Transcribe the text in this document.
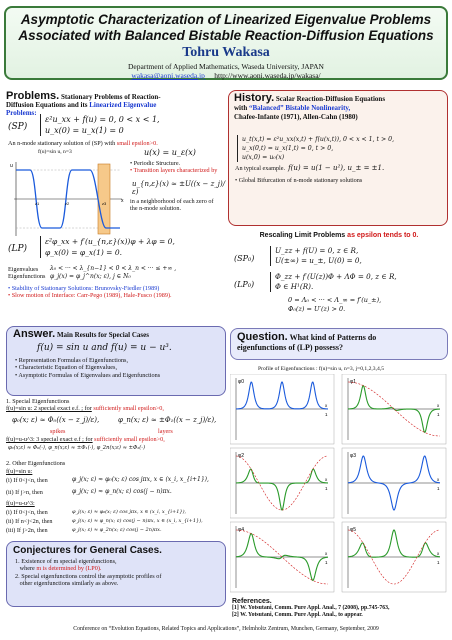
Asymptotic Characterization of Linearized Eigenvalue Problems
Associated with Balanced Bistable Reaction-Diffusion Equations
Tohru Wakasa
Department of Applied Mathematics, Waseda University, JAPAN
wakasa@aoni.waseda.jp http://www.aoni.waseda.jp/wakasa/
Problems. Stationary Problems of Reaction-
Diffusion Equations and its Linearized Eigenvalue
Problems:
(SP)
ε²u_xx + f(u) = 0, 0 < x < 1,
u_x(0) = u_x(1) = 0
An n-mode stationary solution of (SP) with small epsilon>0.
f(u)=sin u, n=3	u(x) = u_ε(x)
u
x
z1	z2	z3
• Periodic Structure.
• Transition layers characterized by
u_{n,ε}(x) ≈ ±U((x − z_j)/ε)
in a neighborhood of each zero of
the n-mode solution.
(LP)
ε²φ_xx + f′(u_{n,ε}(x))φ + λφ = 0,
φ_x(0) = φ_x(1) = 0.
Eigenvalues
Eigenfunctions
λ₀ < ··· < λ_{n−1} < 0 < λ_n < ··· ≤ +∞ ,
φ_j(x) = φ_j^n(x; ε), j ∈ N₀
• Stability of Stationary Solutions: Brunovsky-Fiedler (1989)
• Slow motion of Interface: Carr-Pego (1989), Hale-Fusco (1989).
History. Scalar Reaction-Diffusion Equations
with “Balanced” Bistable Nonlinearity,
Chafee-Infante (1971), Allen-Cahn (1980)
u_t(x,t) = ε²u_xx(x,t) + f(u(x,t)), 0 < x < 1, t > 0,
u_x(0,t) = u_x(1,t) = 0, t > 0,
u(x,0) = u₀(x)
An typical example. f(u) = u(1 − u²), u_± = ±1.
• Global Bifurcation of n-mode stationary solutions
Rescaling Limit Problems as epsilon tends to 0.
(SP₀)
U_zz + f(U) = 0, z ∈ R,
U(±∞) = u_±, U(0) = 0,
(LP₀)
Φ_zz + f′(U(z))Φ + ΛΦ = 0, z ∈ R,
Φ ∈ H¹(R).
0 = Λ₀ < ··· < Λ_∞ = f′(u_±),
Φ₀(z) = U′(z) > 0.
Question. What kind of Patterns do
eigenfunctions of (LP) possess?
Profile of Eigenfunctions : f(u)=sin u, n=3, j=0,1,2,3,4,5
φ0
x
1
φ1
x
1
φ2
x
1
φ3
x
1
φ4
x
1
φ5
x
1
Answer. Main Results for Special Cases
f(u) = sin u and f(u) = u − u³.
• Representation Formulas of Eigenfunctions,
• Characteristic Equation of Eigenvalues,
• Asymptotic Formulas of Eigenvalues and Eigenfunctions
1. Special Eigenfunctions
f(u)=sin u: 2 special exact e.f. ; for sufficiently small epsilon>0,
φ₀(x; ε) ≈ Φ₀((x − z_j)/ε),	φ_n(x; ε) ≈ ±Φ₁((x − z_j)/ε),
spikes	layers
f(u)=u-u^3: 3 special exact e.f ; for sufficiently small epsilon>0,
φ₀(x;ε) ≈ Φ₀(·), φ_n(x;ε) ≈ ±Φ₁(·), φ_2n(x;ε) ≈ ±Φ₂(·)
2. Other Eigenfunctions
f(u)=sin u:
(i) If 0<j<n, then	φ_j(x; ε) ≈ φ₀(x; ε) cos jπx, x ∈ (x_i, x_{i+1}),
(ii) If j>n, then	φ_j(x; ε) ≈ φ_n(x; ε) cos(j − n)πx.
f(u)=u-u^3:
(i) If 0<j<n, then	φ_j(x; ε) ≈ φ₀(x; ε) cos jπx, x ∈ (x_i, x_{i+1}),
(ii) If n<j<2n, then	φ_j(x; ε) ≈ φ_n(x; ε) cos(j − n)πx, x ∈ (x_i, x_{i+1}),
(iii) If j>2n, then	φ_j(x; ε) ≈ φ_2n(x; ε) cos(j − 2n)πx.
Conjectures for General Cases.
1. Existence of m special eigenfunctions,
where m is determined by (LP0).
2. Special eigenfunctions control the asymptotic profiles of
other eigenfunctions similarly as above.
References.
[1] W. Yotsutani, Comm. Pure Appl. Anal., 7 (2008), pp.745-763,
[2] W. Yotsutani, Comm. Pure Appl. Anal., to appear.
Conference on “Evolution Equations, Related Topics and Applications”, Helmholtz Zentrum, Munchen, Germany, September, 2009
